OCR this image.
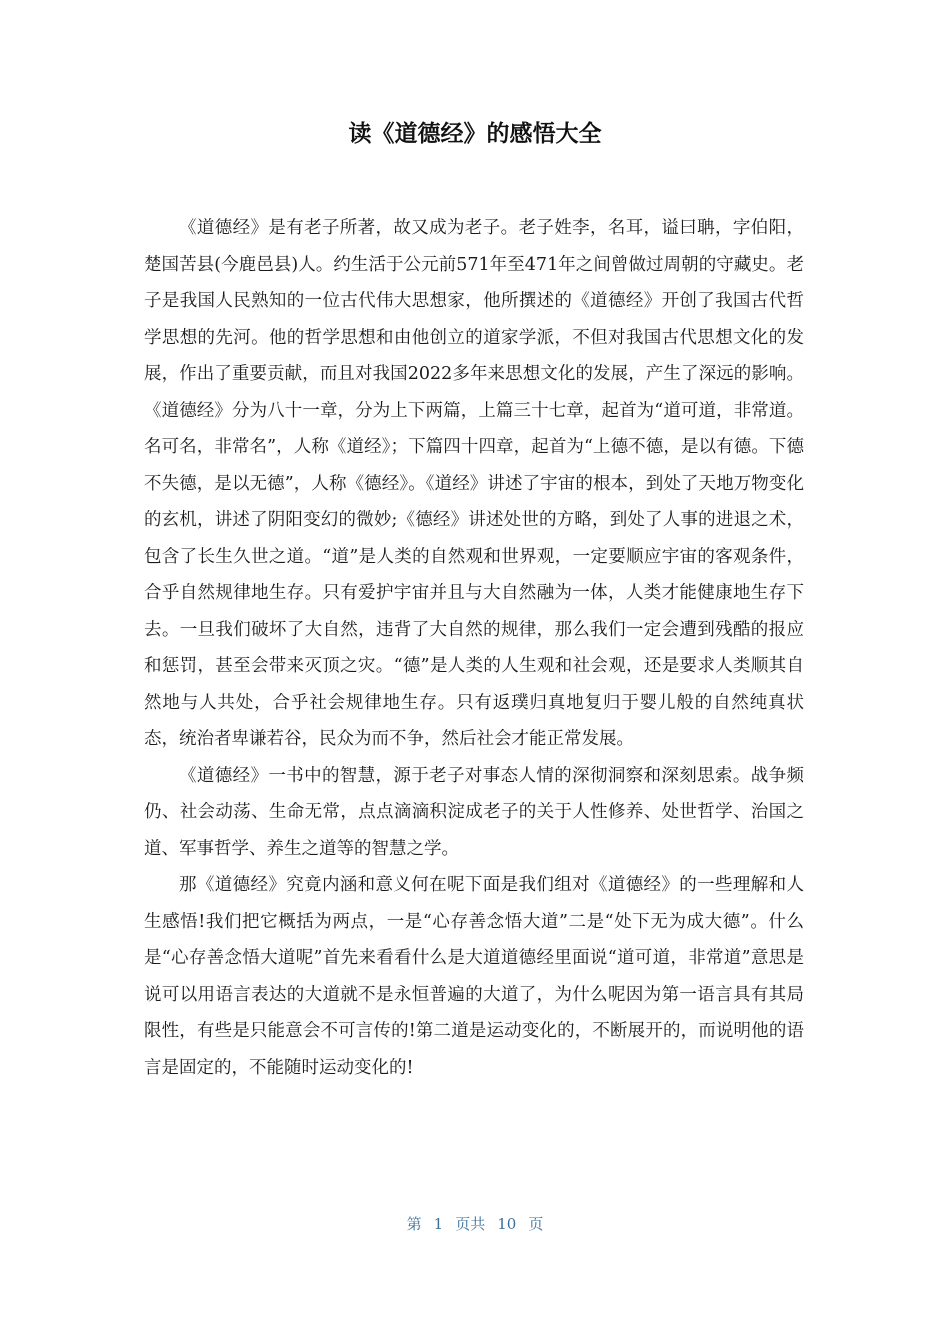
读《道德经》的感悟大全

《道德经》是有老子所著，故又成为老子。老子姓李，名耳，谥曰聃，字伯阳，楚国苦县(今鹿邑县)人。约生活于公元前571年至471年之间曾做过周朝的守藏史。老子是我国人民熟知的一位古代伟大思想家，他所撰述的《道德经》开创了我国古代哲学思想的先河。他的哲学思想和由他创立的道家学派，不但对我国古代思想文化的发展，作出了重要贡献，而且对我国2022多年来思想文化的发展，产生了深远的影响。《道德经》分为八十一章，分为上下两篇，上篇三十七章，起首为“道可道，非常道。名可名，非常名”，人称《道经》；下篇四十四章，起首为“上德不德，是以有德。下德不失德，是以无德”，人称《德经》。《道经》讲述了宇宙的根本，到处了天地万物变化的玄机，讲述了阴阳变幻的微妙;《德经》讲述处世的方略，到处了人事的进退之术，包含了长生久世之道。“道”是人类的自然观和世界观，一定要顺应宇宙的客观条件，合乎自然规律地生存。只有爱护宇宙并且与大自然融为一体，人类才能健康地生存下去。一旦我们破坏了大自然，违背了大自然的规律，那么我们一定会遭到残酷的报应和惩罚，甚至会带来灭顶之灾。“德”是人类的人生观和社会观，还是要求人类顺其自然地与人共处，合乎社会规律地生存。只有返璞归真地复归于婴儿般的自然纯真状态，统治者卑谦若谷，民众为而不争，然后社会才能正常发展。

《道德经》一书中的智慧，源于老子对事态人情的深彻洞察和深刻思索。战争频仍、社会动荡、生命无常，点点滴滴积淀成老子的关于人性修养、处世哲学、治国之道、军事哲学、养生之道等的智慧之学。

那《道德经》究竟内涵和意义何在呢下面是我们组对《道德经》的一些理解和人生感悟!我们把它概括为两点，一是“心存善念悟大道”二是“处下无为成大德”。什么是“心存善念悟大道呢”首先来看看什么是大道道德经里面说“道可道，非常道”意思是说可以用语言表达的大道就不是永恒普遍的大道了，为什么呢因为第一语言具有其局限性，有些是只能意会不可言传的!第二道是运动变化的，不断展开的，而说明他的语言是固定的，不能随时运动变化的!

第 1 页共 10 页
